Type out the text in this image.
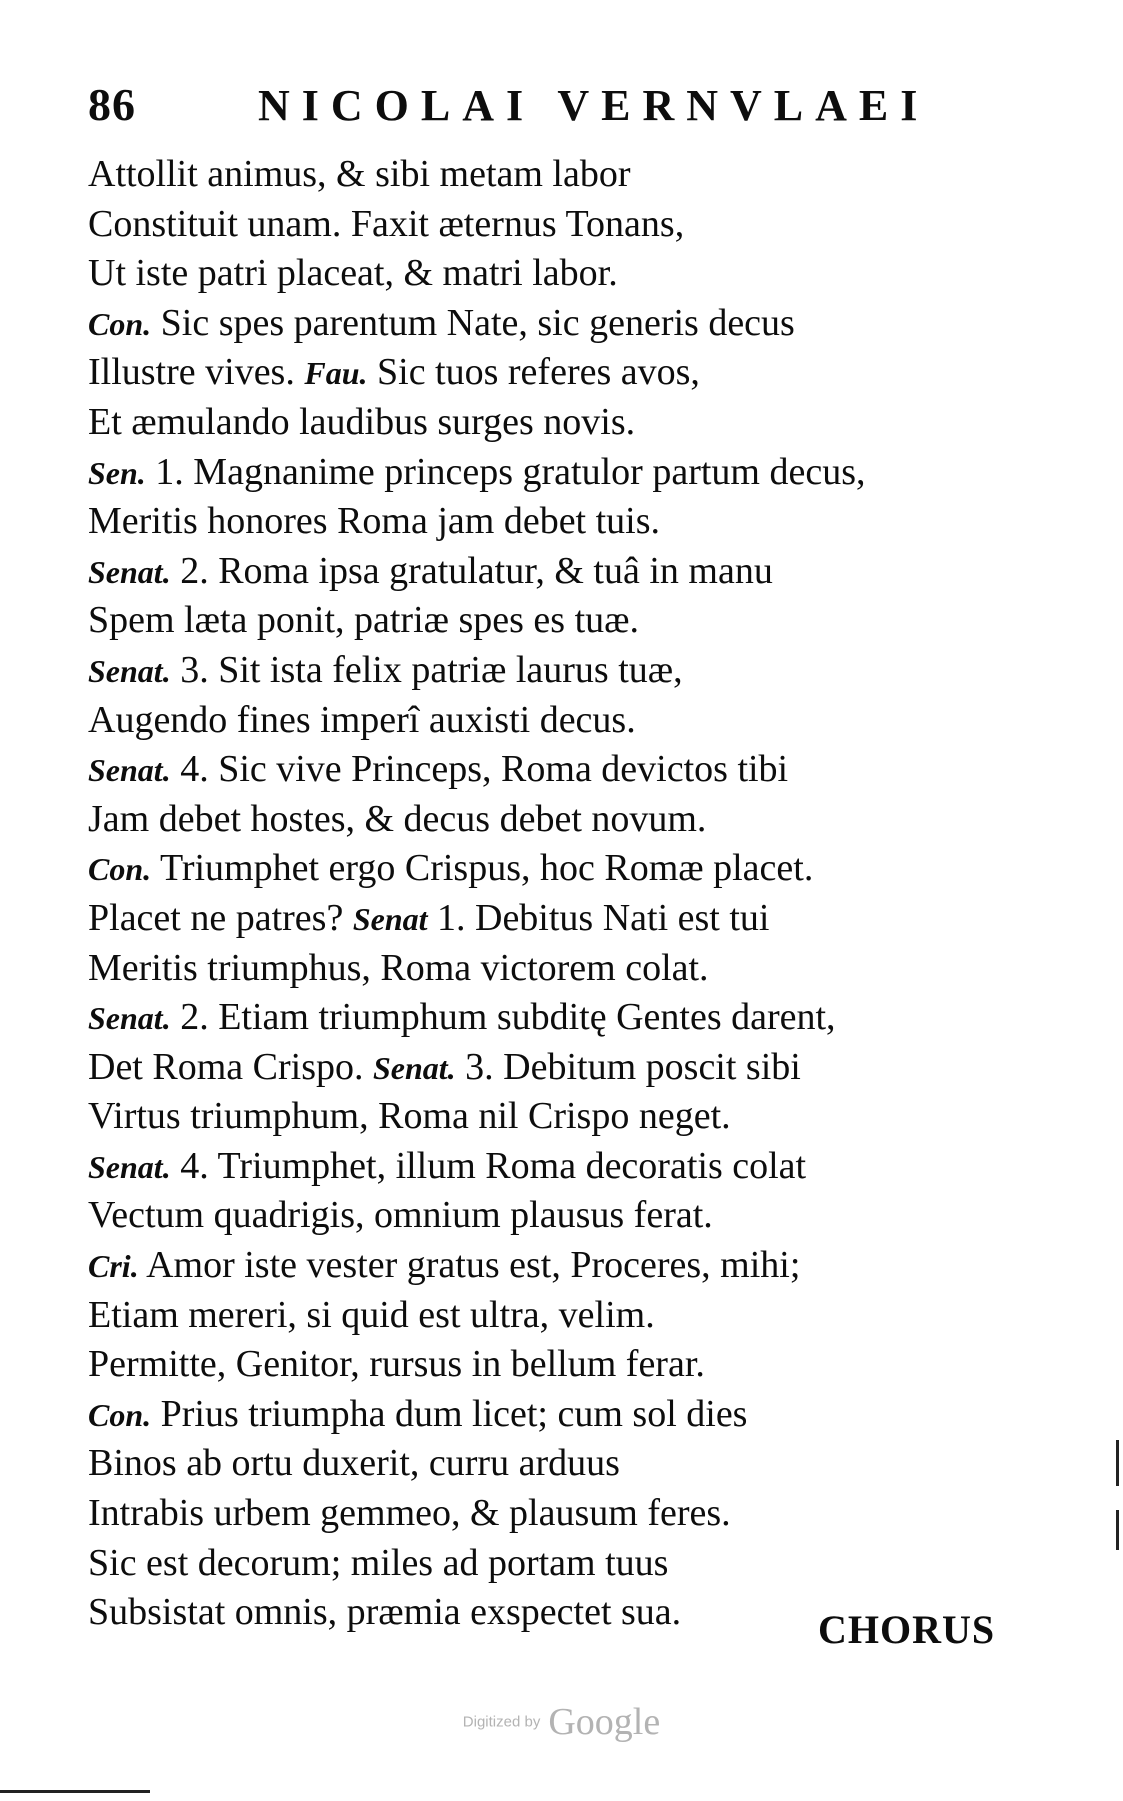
86	NICOLAI VERNVLAEI
Attollit animus, & sibi metam labor
Constituit unam. Faxit æternus Tonans,
Ut iste patri placeat, & matri labor.
Con. Sic spes parentum Nate, sic generis decus
Illustre vives. Fau. Sic tuos referes avos,
Et æmulando laudibus surges novis.
Sen. 1. Magnanime princeps gratulor partum decus,
Meritis honores Roma jam debet tuis.
Senat. 2. Roma ipsa gratulatur, & tuâ in manu
Spem læta ponit, patriæ spes es tuæ.
Senat. 3. Sit ista felix patriæ laurus tuæ,
Augendo fines imperî auxisti decus.
Senat. 4. Sic vive Princeps, Roma devictos tibi
Jam debet hostes, & decus debet novum.
Con. Triumphet ergo Crispus, hoc Romæ placet.
Placet ne patres? Senat 1. Debitus Nati est tui
Meritis triumphus, Roma victorem colat.
Senat. 2. Etiam triumphum subditę Gentes darent,
Det Roma Crispo. Senat. 3. Debitum poscit sibi
Virtus triumphum, Roma nil Crispo neget.
Senat. 4. Triumphet, illum Roma decoratis colat
Vectum quadrigis, omnium plausus ferat.
Cri. Amor iste vester gratus est, Proceres, mihi;
Etiam mereri, si quid est ultra, velim.
Permitte, Genitor, rursus in bellum ferar.
Con. Prius triumpha dum licet; cum sol dies
Binos ab ortu duxerit, curru arduus
Intrabis urbem gemmeo, & plausum feres.
Sic est decorum; miles ad portam tuus
Subsistat omnis, præmia exspectet sua.	CHORUS
Digitized by Google
